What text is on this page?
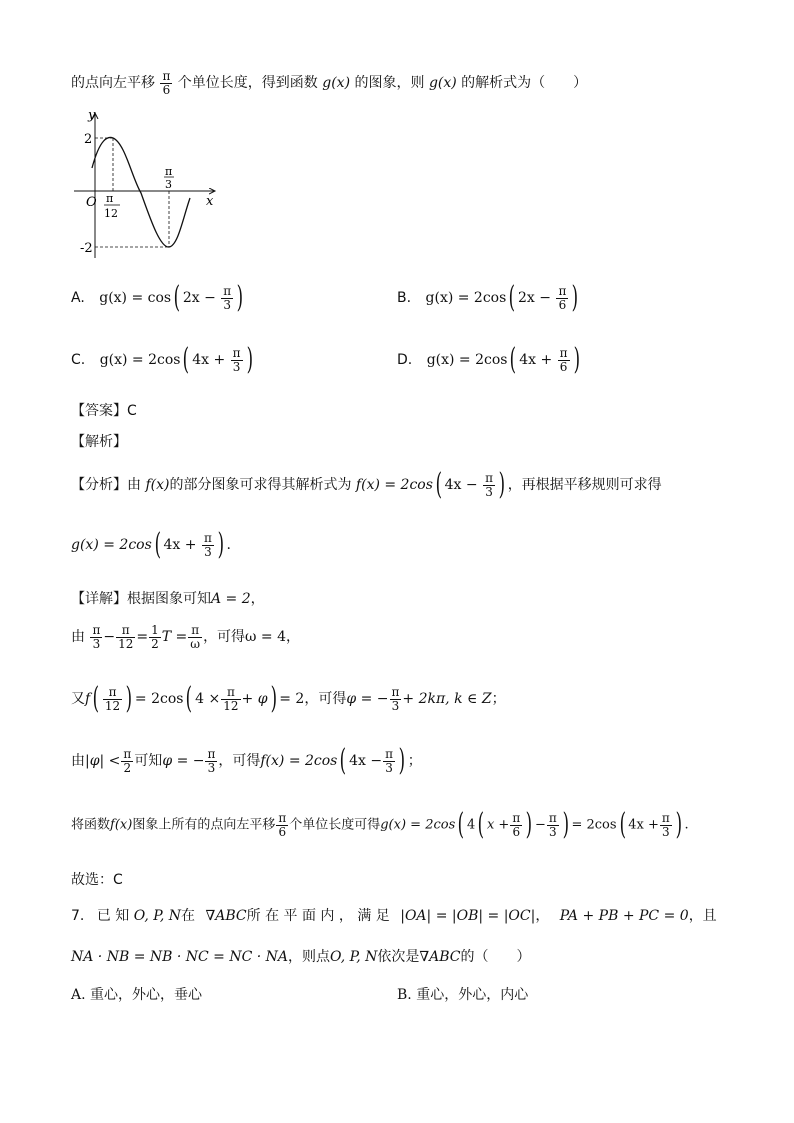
的点向左平移 $\frac{\pi}{6}$ 个单位长度，得到函数 g(x) 的图象，则 g(x) 的解析式为（　　）
y
x
O
2
-2
π
12
π
3
A. g(x) = cos( $2x - \frac{\pi}{3}$ )	B. g(x) = 2cos( $2x - \frac{\pi}{6}$ )
C. g(x) = 2cos( $4x + \frac{\pi}{3}$ )	D. g(x) = 2cos( $4x + \frac{\pi}{6}$ )
【答案】C
【解析】
【分析】由 f(x)的部分图象可求得其解析式为 f(x) = 2cos( $4x - \frac{\pi}{3}$ ) ，再根据平移规则可求得
g(x) = 2cos( $4x + \frac{\pi}{3}$ ) .
【详解】根据图象可知A = 2，
由 $\frac{\pi}{3} - \frac{\pi}{12} = \frac{1}{2}$ $T = \frac{\pi}{\omega}$ ，可得ω = 4，
又$f( \frac{\pi}{12}$ ) = 2cos( $4 \times \frac{\pi}{12} + \varphi) = 2$，可得φ = − $\frac{\pi}{3} + 2k\pi$, k ∈ Z；
由$|\varphi| < \frac{\pi}{2}$ 可知φ = − $\frac{\pi}{3}$ ，可得f(x) = 2cos( $4x - \frac{\pi}{3}$ ) ；
将函数f(x)图象上所有的点向左平移 $\frac{\pi}{6}$ 个单位长度可得g(x) = 2cos( 4( $x + \frac{\pi}{6}$ ) − $\frac{\pi}{3}$ ) = 2cos( $4x + \frac{\pi}{3}$ ) .
故选：C
7. 已 知 O, P, N在 ∇ABC所 在 平 面 内 ， 满 足 |OA| = |OB| = |OC|， PA + PB + PC = 0，且
NA · NB = NB · NC = NC · NA，则点O, P, N依次是∇ABC的（　　）
A. 重心，外心，垂心	B. 重心，外心，内心
